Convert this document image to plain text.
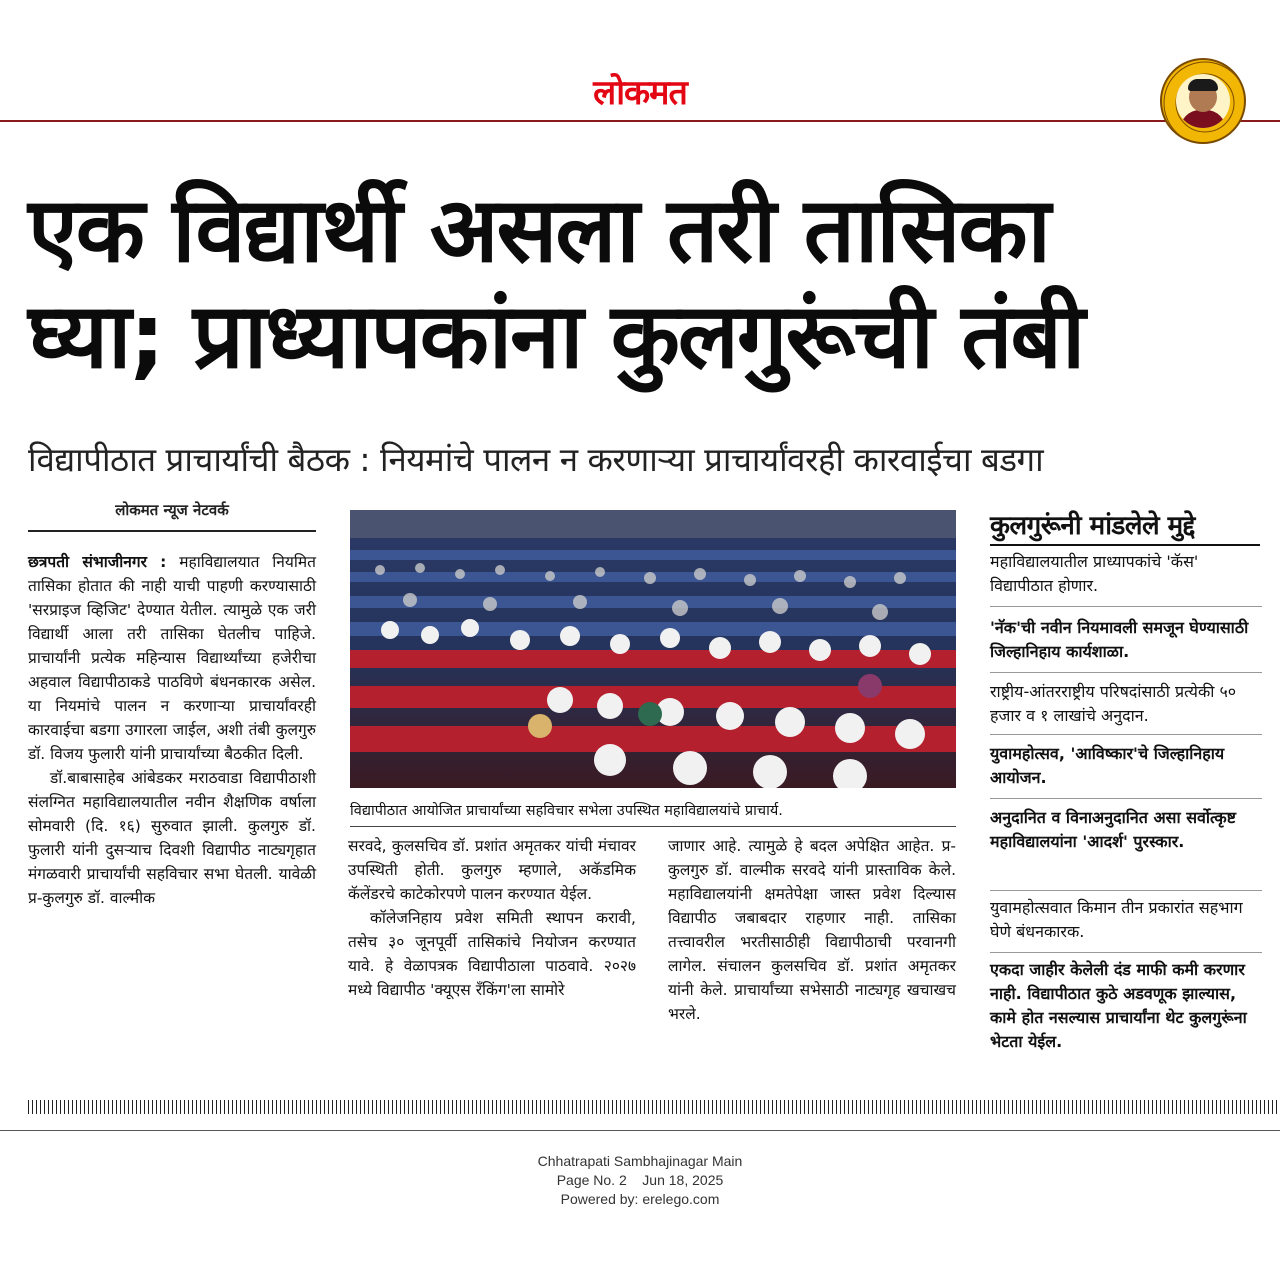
लोकमत
एक विद्यार्थी असला तरी तासिका
घ्या; प्राध्यापकांना कुलगुरूंची तंबी
विद्यापीठात प्राचार्यांची बैठक : नियमांचे पालन न करणाऱ्या प्राचार्यांवरही कारवाईचा बडगा
लोकमत न्यूज नेटवर्क

छत्रपती संभाजीनगर : महाविद्यालयात नियमित तासिका होतात की नाही याची पाहणी करण्यासाठी 'सरप्राइज व्हिजिट' देण्यात येतील. त्यामुळे एक जरी विद्यार्थी आला तरी तासिका घेतलीच पाहिजे. प्राचार्यांनी प्रत्येक महिन्यास विद्यार्थ्यांच्या हजेरीचा अहवाल विद्यापीठाकडे पाठविणे बंधनकारक असेल. या नियमांचे पालन न करणाऱ्या प्राचार्यांवरही कारवाईचा बडगा उगारला जाईल, अशी तंबी कुलगुरु डॉ. विजय फुलारी यांनी प्राचार्यांच्या बैठकीत दिली.

डॉ.बाबासाहेब आंबेडकर मराठवाडा विद्यापीठाशी संलग्नित महाविद्यालयातील नवीन शैक्षणिक वर्षाला सोमवारी (दि. १६) सुरुवात झाली. कुलगुरु डॉ. फुलारी यांनी दुसऱ्याच दिवशी विद्यापीठ नाट्यगृहात मंगळवारी प्राचार्यांची सहविचार सभा घेतली. यावेळी प्र-कुलगुरु डॉ. वाल्मीक

विद्यापीठात आयोजित प्राचार्यांच्या सहविचार सभेला उपस्थित महाविद्यालयांचे प्राचार्य.

सरवदे, कुलसचिव डॉ. प्रशांत अमृतकर यांची मंचावर उपस्थिती होती. कुलगुरु म्हणाले, अकॅडमिक कॅलेंडरचे काटेकोरपणे पालन करण्यात येईल.

कॉलेजनिहाय प्रवेश समिती स्थापन करावी, तसेच ३० जूनपूर्वी तासिकांचे नियोजन करण्यात यावे. हे वेळापत्रक विद्यापीठाला पाठवावे. २०२७ मध्ये विद्यापीठ 'क्यूएस रँकिंग'ला सामोरे

जाणार आहे. त्यामुळे हे बदल अपेक्षित आहेत. प्र-कुलगुरु डॉ. वाल्मीक सरवदे यांनी प्रास्ताविक केले. महाविद्यालयांनी क्षमतेपेक्षा जास्त प्रवेश दिल्यास विद्यापीठ जबाबदार राहणार नाही. तासिका तत्त्वावरील भरतीसाठीही विद्यापीठाची परवानगी लागेल. संचालन कुलसचिव डॉ. प्रशांत अमृतकर यांनी केले. प्राचार्यांच्या सभेसाठी नाट्यगृह खचाखच भरले.

कुलगुरूंनी मांडलेले मुद्दे
महाविद्यालयातील प्राध्यापकांचे 'कॅस' विद्यापीठात होणार.
'नॅक'ची नवीन नियमावली समजून घेण्यासाठी जिल्हानिहाय कार्यशाळा.
राष्ट्रीय-आंतरराष्ट्रीय परिषदांसाठी प्रत्येकी ५० हजार व १ लाखांचे अनुदान.
युवामहोत्सव, 'आविष्कार'चे जिल्हानिहाय आयोजन.
अनुदानित व विनाअनुदानित असा सर्वोत्कृष्ट महाविद्यालयांना 'आदर्श' पुरस्कार.
युवामहोत्सवात किमान तीन प्रकारांत सहभाग घेणे बंधनकारक.
एकदा जाहीर केलेली दंड माफी कमी करणार नाही. विद्यापीठात कुठे अडवणूक झाल्यास, कामे होत नसल्यास प्राचार्यांना थेट कुलगुरूंना भेटता येईल.
Chhatrapati Sambhajinagar Main
Page No. 2    Jun 18, 2025
Powered by: erelego.com
